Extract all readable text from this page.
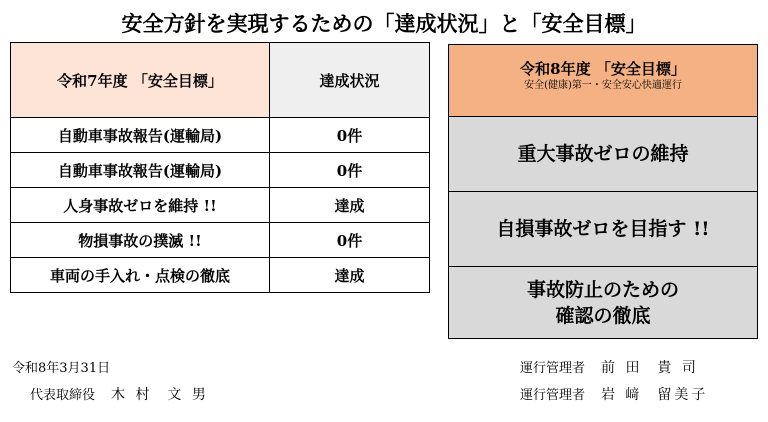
安全方針を実現するための「達成状況」と「安全目標」
令和7年度 「安全目標」	達成状況
自動車事故報告(運輸局)	0件
自動車事故報告(運輸局)	0件
人身事故ゼロを維持 !!	達成
物損事故の撲滅 !!	0件
車両の手入れ・点検の徹底	達成
令和8年度 「安全目標」
安全(健康)第一・安全安心快適運行
重大事故ゼロの維持
自損事故ゼロを目指す !!
事故防止のための
確認の徹底
令和8年3月31日
代表取締役 木 村  文 男
運行管理者 前 田  貴 司
運行管理者 岩 﨑  留美子
